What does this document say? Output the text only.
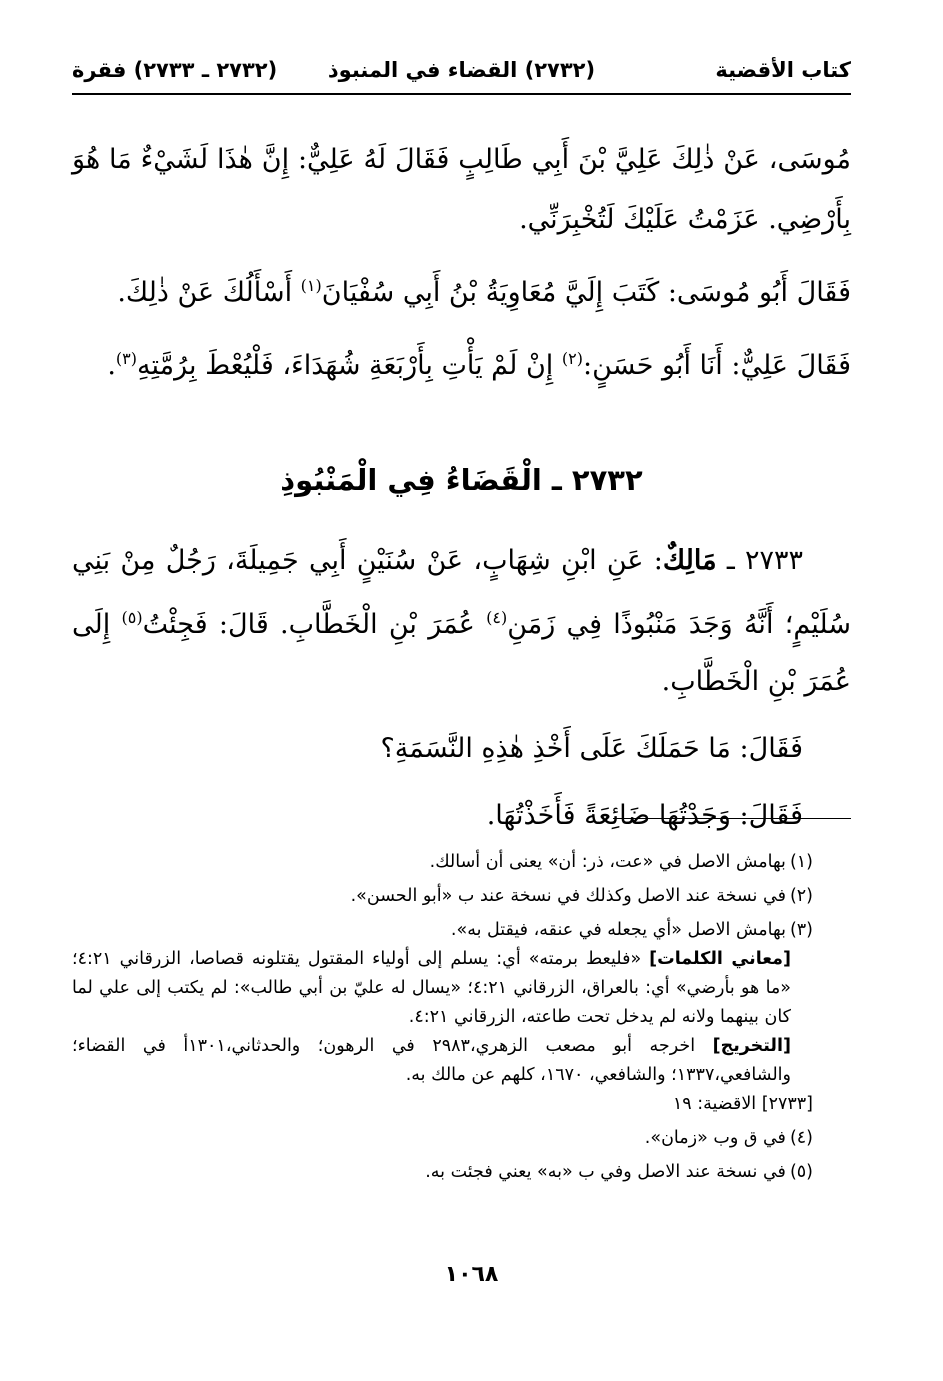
(٢٧٣٢) القضاء في المنبوذ	كتاب الأقضية
(٢٧٣٢ ـ ٢٧٣٣) فقرة

مُوسَى، عَنْ ذٰلِكَ عَلِيَّ بْنَ أَبِي طَالِبٍ فَقَالَ لَهُ عَلِيٌّ: إِنَّ هٰذَا لَشَيْءٌ مَا هُوَ بِأَرْضِي. عَزَمْتُ عَلَيْكَ لَتُخْبِرَنِّي.

فَقَالَ أَبُو مُوسَى: كَتَبَ إِلَيَّ مُعَاوِيَةُ بْنُ أَبِي سُفْيَانَ$^{(١)}$ أَسْأَلُكَ عَنْ ذٰلِكَ.

فَقَالَ عَلِيٌّ: أَنَا أَبُو حَسَنٍ:$^{(٢)}$ إِنْ لَمْ يَأْتِ بِأَرْبَعَةِ شُهَدَاءَ، فَلْيُعْطَ بِرُمَّتِهِ$^{(٣)}$.

٢٧٣٢ ـ الْقَضَاءُ فِي الْمَنْبُوذِ

٢٧٣٣ ـ مَالِكٌ: عَنِ ابْنِ شِهَابٍ، عَنْ سُنَيْنٍ أَبِي جَمِيلَةَ، رَجُلٌ مِنْ بَنِي سُلَيْمٍ؛ أَنَّهُ وَجَدَ مَنْبُوذًا فِي زَمَنِ$^{(٤)}$ عُمَرَ بْنِ الْخَطَّابِ. قَالَ: فَجِئْتُ$^{(٥)}$ إِلَى عُمَرَ بْنِ الْخَطَّابِ.

فَقَالَ: مَا حَمَلَكَ عَلَى أَخْذِ هٰذِهِ النَّسَمَةِ؟

فَقَالَ: وَجَدْتُهَا ضَائِعَةً فَأَخَذْتُهَا.

(١)بهامش الاصل في «عت، ذر: أن» يعنى أن أسالك.

(٢)في نسخة عند الاصل وكذلك في نسخة عند ب «أبو الحسن».

(٣)بهامش الاصل «أي يجعله في عنقه، فيقتل به».

[معاني الكلمات] «فليعط برمته» أي: يسلم إلى أولياء المقتول يقتلونه قصاصا، الزرقاني ٤:٢١؛ «ما هو بأرضي» أي: بالعراق، الزرقاني ٤:٢١؛ «يسال له عليّ بن أبي طالب»: لم يكتب إلى علي لما كان بينهما ولانه لم يدخل تحت طاعته، الزرقاني ٤:٢١.

[التخريج] اخرجه أبو مصعب الزهري،٢٩٨٣ في الرهون؛ والحدثاني،١٣٠١أ في القضاء؛ والشافعي،١٣٣٧؛ والشافعي، ١٦٧٠، كلهم عن مالك به.

[٢٧٣٣] الاقضية: ١٩

(٤)في ق وب «زمان».

(٥)في نسخة عند الاصل وفي ب «به» يعني فجئت به.

١٠٦٨
